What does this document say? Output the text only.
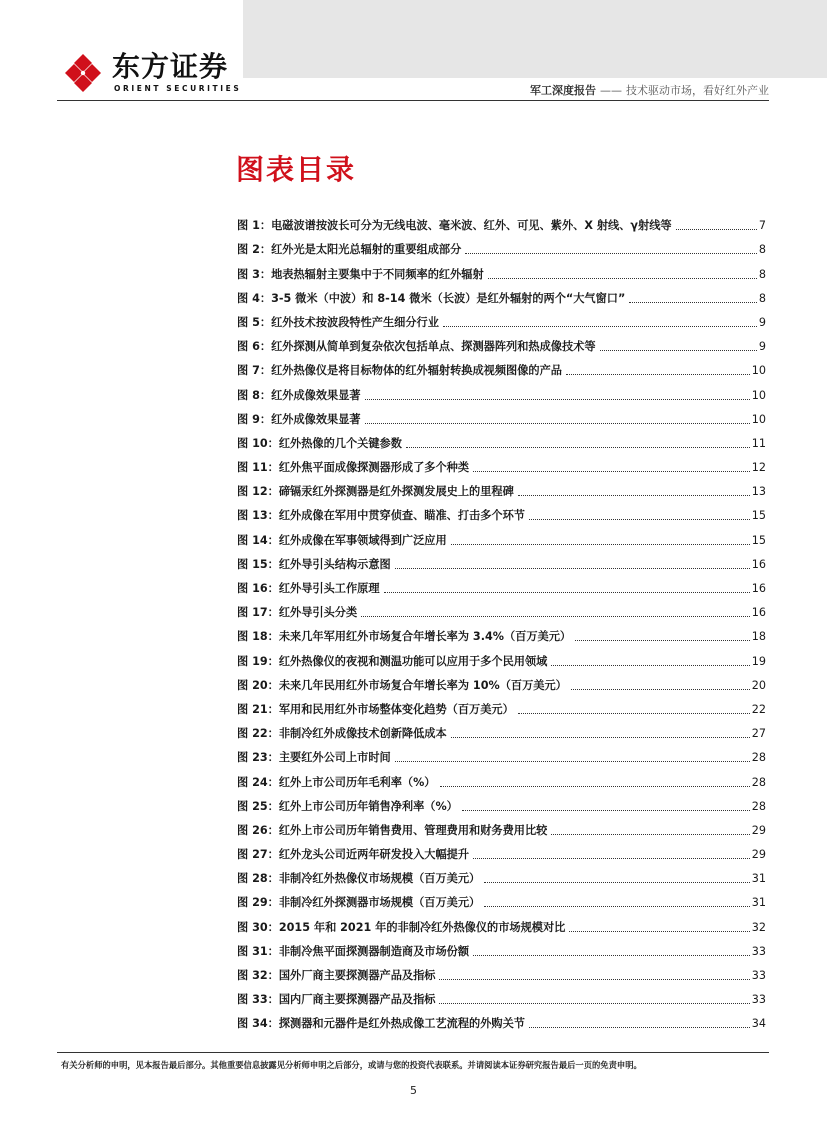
东方证券
ORIENT SECURITIES	军工深度报告 —— 技术驱动市场，看好红外产业
图表目录
图 1： 电磁波谱按波长可分为无线电波、毫米波、红外、可见、紫外、X 射线、γ射线等	7
图 2： 红外光是太阳光总辐射的重要组成部分	8
图 3： 地表热辐射主要集中于不同频率的红外辐射	8
图 4： 3-5 微米（中波）和 8-14 微米（长波）是红外辐射的两个“大气窗口”	8
图 5： 红外技术按波段特性产生细分行业	9
图 6： 红外探测从简单到复杂依次包括单点、探测器阵列和热成像技术等	9
图 7： 红外热像仪是将目标物体的红外辐射转换成视频图像的产品	10
图 8： 红外成像效果显著	10
图 9： 红外成像效果显著	10
图 10： 红外热像的几个关键参数	11
图 11： 红外焦平面成像探测器形成了多个种类	12
图 12： 碲镉汞红外探测器是红外探测发展史上的里程碑	13
图 13： 红外成像在军用中贯穿侦查、瞄准、打击多个环节	15
图 14： 红外成像在军事领域得到广泛应用	15
图 15： 红外导引头结构示意图	16
图 16： 红外导引头工作原理	16
图 17： 红外导引头分类	16
图 18： 未来几年军用红外市场复合年增长率为 3.4%（百万美元）	18
图 19： 红外热像仪的夜视和测温功能可以应用于多个民用领域	19
图 20： 未来几年民用红外市场复合年增长率为 10%（百万美元）	20
图 21： 军用和民用红外市场整体变化趋势（百万美元）	22
图 22： 非制冷红外成像技术创新降低成本	27
图 23： 主要红外公司上市时间	28
图 24： 红外上市公司历年毛利率（%）	28
图 25： 红外上市公司历年销售净利率（%）	28
图 26： 红外上市公司历年销售费用、管理费用和财务费用比较	29
图 27： 红外龙头公司近两年研发投入大幅提升	29
图 28： 非制冷红外热像仪市场规模（百万美元）	31
图 29： 非制冷红外探测器市场规模（百万美元）	31
图 30： 2015 年和 2021 年的非制冷红外热像仪的市场规模对比	32
图 31： 非制冷焦平面探测器制造商及市场份额	33
图 32： 国外厂商主要探测器产品及指标	33
图 33： 国内厂商主要探测器产品及指标	33
图 34： 探测器和元器件是红外热成像工艺流程的外购关节	34
有关分析师的申明，见本报告最后部分。其他重要信息披露见分析师申明之后部分，或请与您的投资代表联系。并请阅读本证券研究报告最后一页的免责申明。
5
